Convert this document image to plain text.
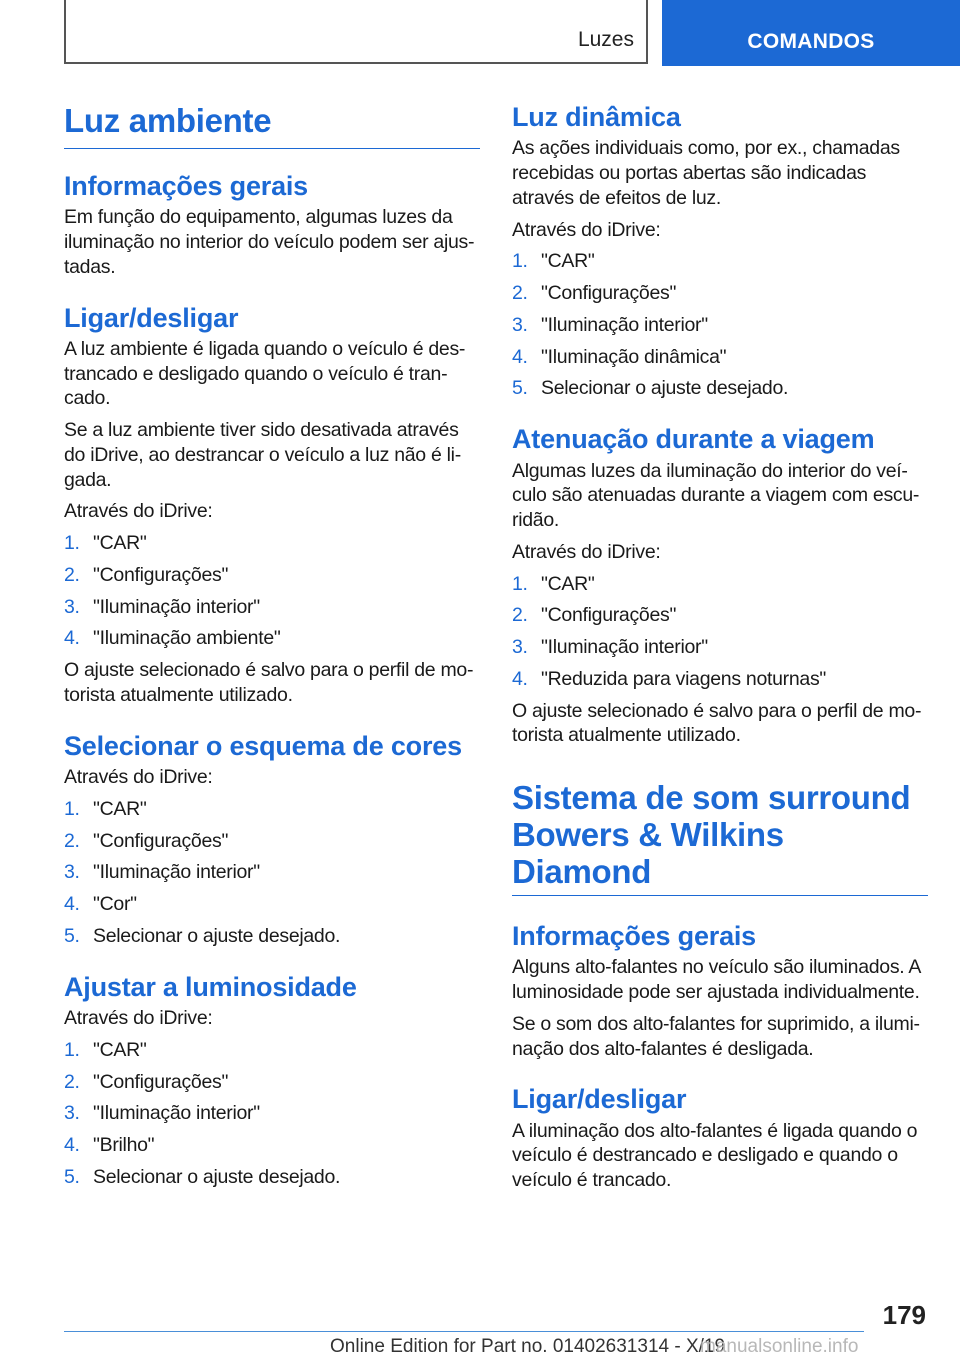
Luzes	COMANDOS
Luz ambiente
Informações gerais

Em função do equipamento, algumas luzes da iluminação no interior do veículo podem ser ajustadas.

Ligar/desligar

A luz ambiente é ligada quando o veículo é destrancado e desligado quando o veículo é trancado.

Se a luz ambiente tiver sido desativada através do iDrive, ao destrancar o veículo a luz não é ligada.

Através do iDrive:

1. "CAR"
2. "Configurações"
3. "Iluminação interior"
4. "Iluminação ambiente"

O ajuste selecionado é salvo para o perfil de motorista atualmente utilizado.

Selecionar o esquema de cores

Através do iDrive:

1. "CAR"
2. "Configurações"
3. "Iluminação interior"
4. "Cor"
5. Selecionar o ajuste desejado.
Ajustar a luminosidade

Através do iDrive:

1. "CAR"
2. "Configurações"
3. "Iluminação interior"
4. "Brilho"
5. Selecionar o ajuste desejado.
Luz dinâmica

As ações individuais como, por ex., chamadas recebidas ou portas abertas são indicadas através de efeitos de luz.

Através do iDrive:

1. "CAR"
2. "Configurações"
3. "Iluminação interior"
4. "Iluminação dinâmica"
5. Selecionar o ajuste desejado.
Atenuação durante a viagem

Algumas luzes da iluminação do interior do veículo são atenuadas durante a viagem com escuridão.

Através do iDrive:

1. "CAR"
2. "Configurações"
3. "Iluminação interior"
4. "Reduzida para viagens noturnas"

O ajuste selecionado é salvo para o perfil de motorista atualmente utilizado.

Sistema de som surround Bowers & Wilkins Diamond
Informações gerais

Alguns alto-falantes no veículo são iluminados. A luminosidade pode ser ajustada individualmente.

Se o som dos alto-falantes for suprimido, a iluminação dos alto-falantes é desligada.

Ligar/desligar

A iluminação dos alto-falantes é ligada quando o veículo é destrancado e desligado e quando o veículo é trancado.

179
Online Edition for Part no. 01402631314 - X/19
manualsonline.info
